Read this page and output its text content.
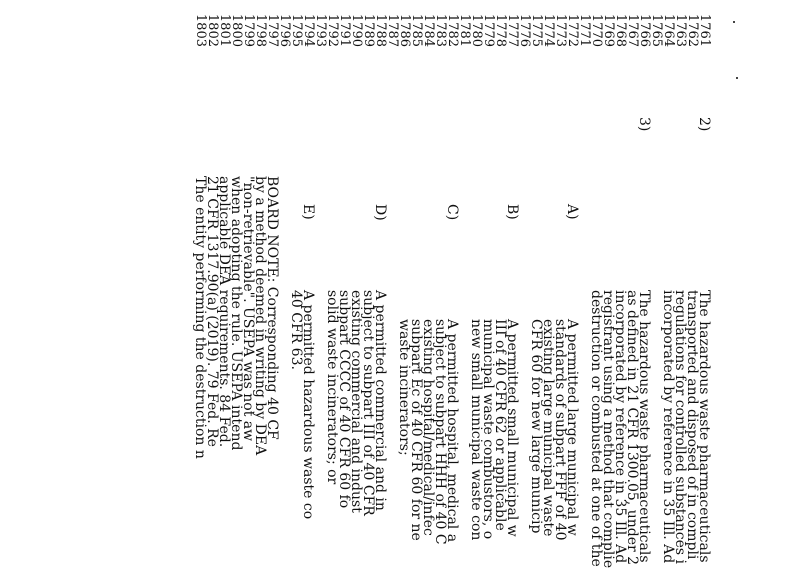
1761
1762
1763
1764
1765
1766
1767
1768
1769
1770
1771
1772
1773
1774
1775
1776
1777
1778
1779
1780
1781
1782
1783
1784
1785
1786
1787
1788
1789
1790
1791
1792
1793
1794
1795
1796
1797
1798
1799
1800
1801
1802
1803
2)
3)
A)
B)
C)
D)
E)
The hazardous waste pharmaceuticals
transported and disposed of in compli
regulations for controlled substances i
incorporated by reference in 35 Ill. Ad
The hazardous waste pharmaceuticals
as defined in 21 CFR 1300.05, under 2
incorporated by reference in 35 Ill. Ad
registrant using a method that complie
destruction or combusted at one of the
A permitted large municipal w
standards of subpart FFF of 40
existing large municipal waste
CFR 60 for new large municip
A permitted small municipal w
III of 40 CFR 62 or applicable
municipal waste combustors, o
new small municipal waste con
A permitted hospital, medical a
subject to subpart HHH of 40 C
existing hospital/medical/infec
subpart Ec of 40 CFR 60 for ne
waste incinerators;
A permitted commercial and in
subject to subpart III of 40 CFR
existing commercial and indust
subpart CCCC of 40 CFR 60 fo
solid waste incinerators; or
A permitted hazardous waste co
40 CFR 63.
BOARD NOTE: Corresponding 40 CF
by a method deemed in writing by DEA
"non-retrievable". USEPA was not aw
when adopting the rule. USEPA intend
applicable DEA requirements. 84 Fed.
21 CFR 1317.90(a) (2019). 79 Fed. Re
The entity performing the destruction n
